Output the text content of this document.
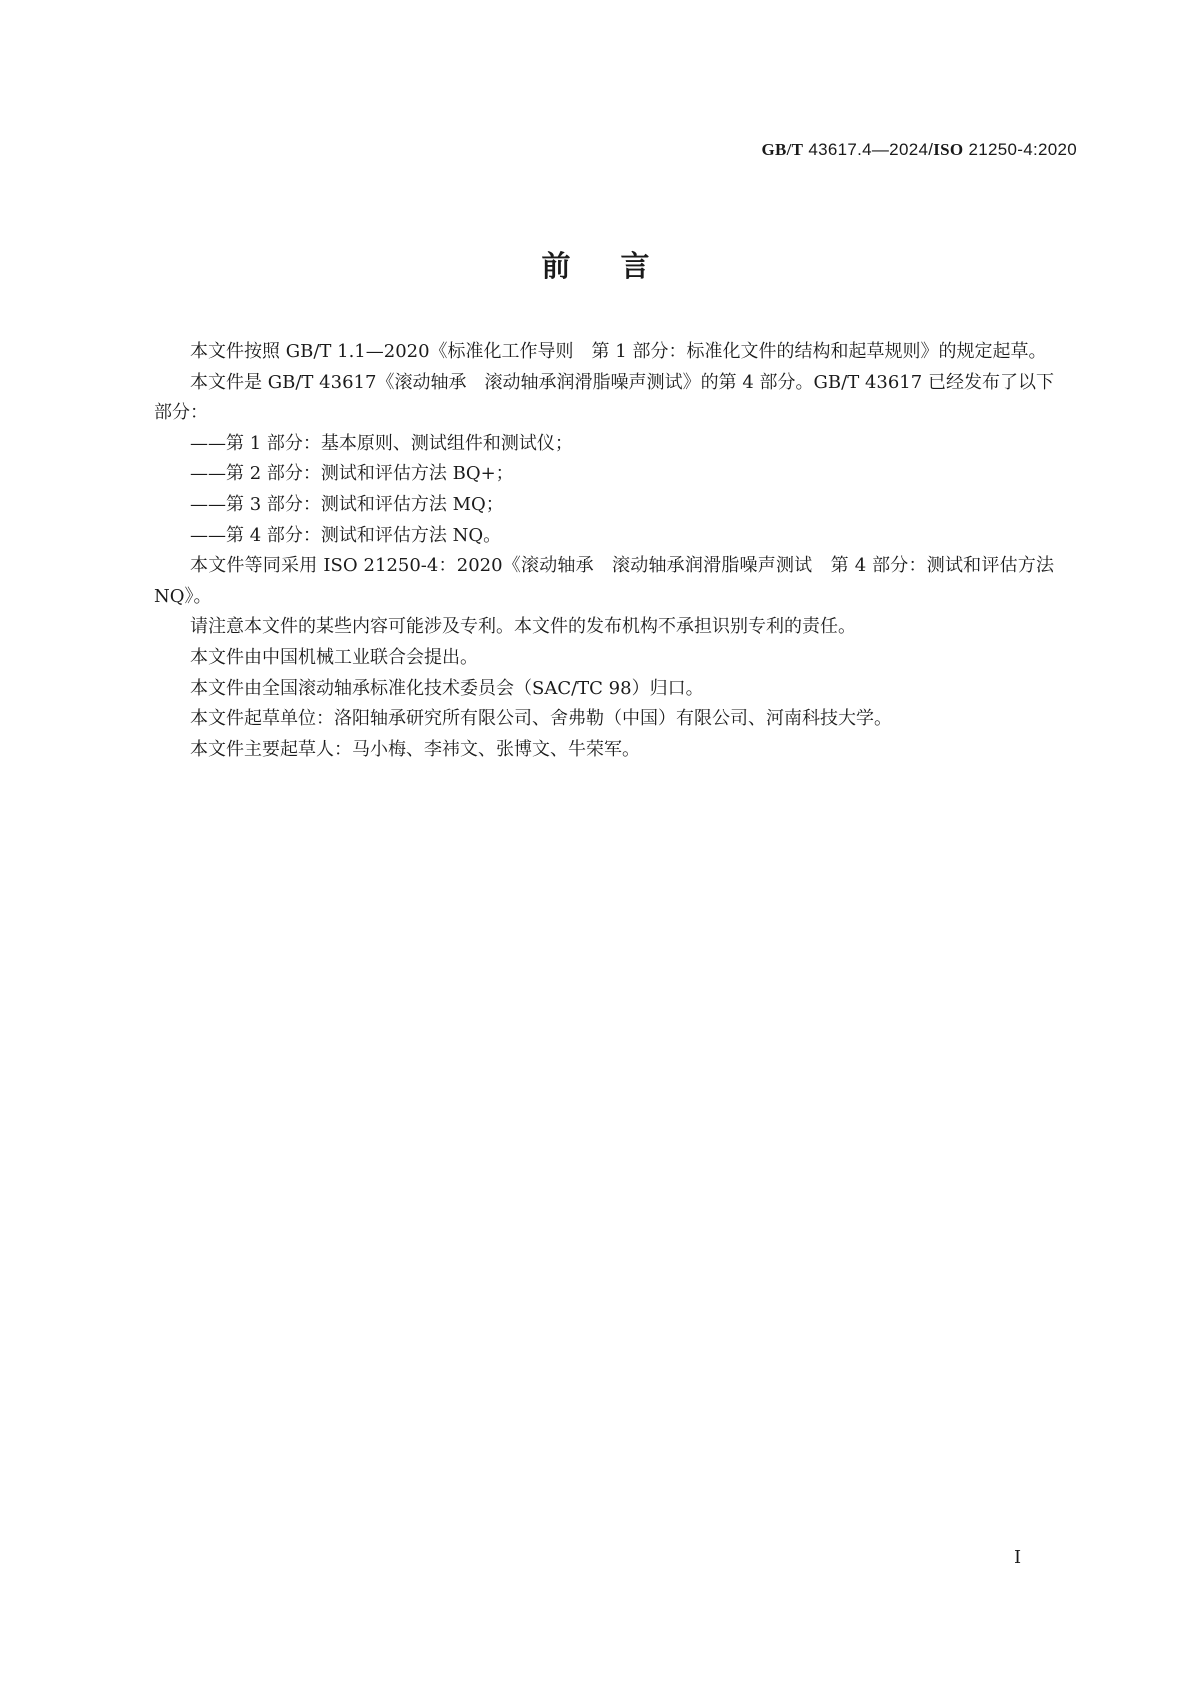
GB/T 43617.4—2024/ISO 21250-4:2020
前言

本文件按照 GB/T 1.1—2020《标准化工作导则　第 1 部分：标准化文件的结构和起草规则》的规定起草。

本文件是 GB/T 43617《滚动轴承　滚动轴承润滑脂噪声测试》的第 4 部分。GB/T 43617 已经发布了以下部分：

——第 1 部分：基本原则、测试组件和测试仪；

——第 2 部分：测试和评估方法 BQ+；

——第 3 部分：测试和评估方法 MQ；

——第 4 部分：测试和评估方法 NQ。

本文件等同采用 ISO 21250-4：2020《滚动轴承　滚动轴承润滑脂噪声测试　第 4 部分：测试和评估方法 NQ》。

请注意本文件的某些内容可能涉及专利。本文件的发布机构不承担识别专利的责任。

本文件由中国机械工业联合会提出。

本文件由全国滚动轴承标准化技术委员会（SAC/TC 98）归口。

本文件起草单位：洛阳轴承研究所有限公司、舍弗勒（中国）有限公司、河南科技大学。

本文件主要起草人：马小梅、李祎文、张博文、牛荣军。

I
